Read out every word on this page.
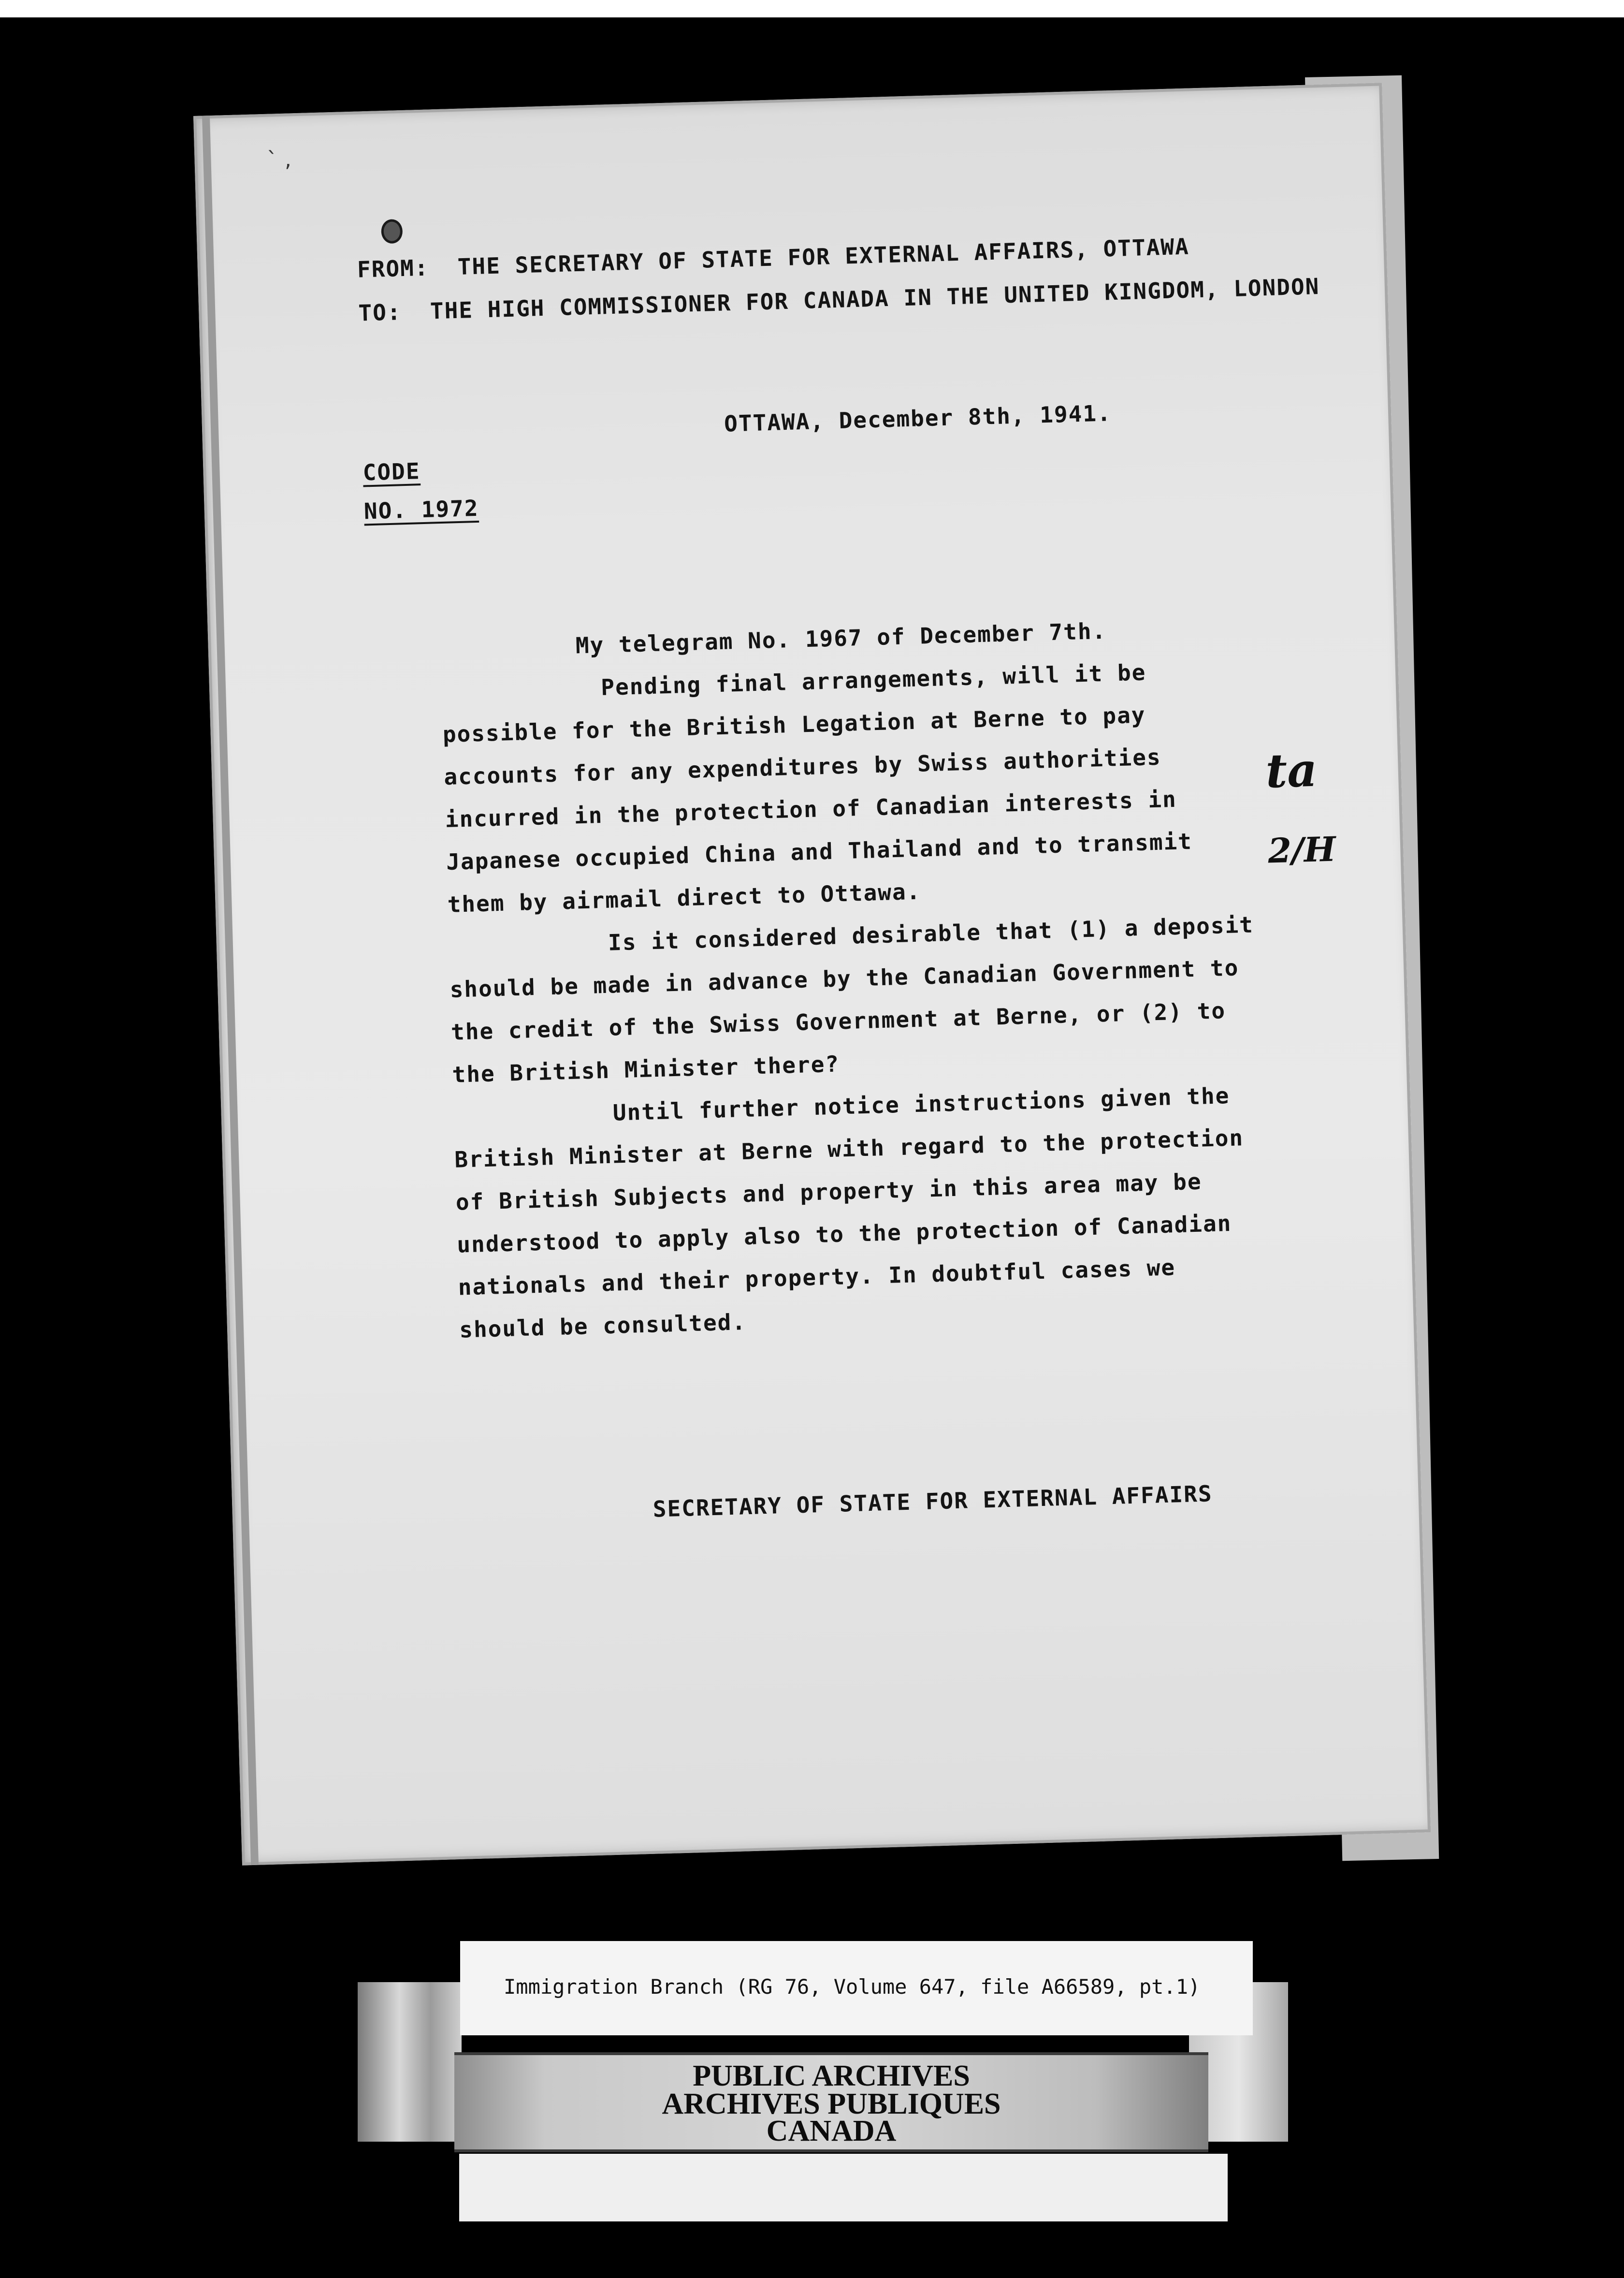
` ,
FROM: THE SECRETARY OF STATE FOR EXTERNAL AFFAIRS, OTTAWA
TO: THE HIGH COMMISSIONER FOR CANADA IN THE UNITED KINGDOM, LONDON
OTTAWA, December 8th, 1941.
CODE
NO. 1972
My telegram No. 1967 of December 7th.
Pending final arrangements, will it be
possible for the British Legation at Berne to pay
accounts for any expenditures by Swiss authorities
incurred in the protection of Canadian interests in
Japanese occupied China and Thailand and to transmit
them by airmail direct to Ottawa.
Is it considered desirable that (1) a deposit
should be made in advance by the Canadian Government to
the credit of the Swiss Government at Berne, or (2) to
the British Minister there?
Until further notice instructions given the
British Minister at Berne with regard to the protection
of British Subjects and property in this area may be
understood to apply also to the protection of Canadian
nationals and their property. In doubtful cases we
should be consulted.
SECRETARY OF STATE FOR EXTERNAL AFFAIRS
ta
2/H
Immigration Branch (RG 76, Volume 647, file A66589, pt.1)
PUBLIC ARCHIVES
ARCHIVES PUBLIQUES
CANADA
